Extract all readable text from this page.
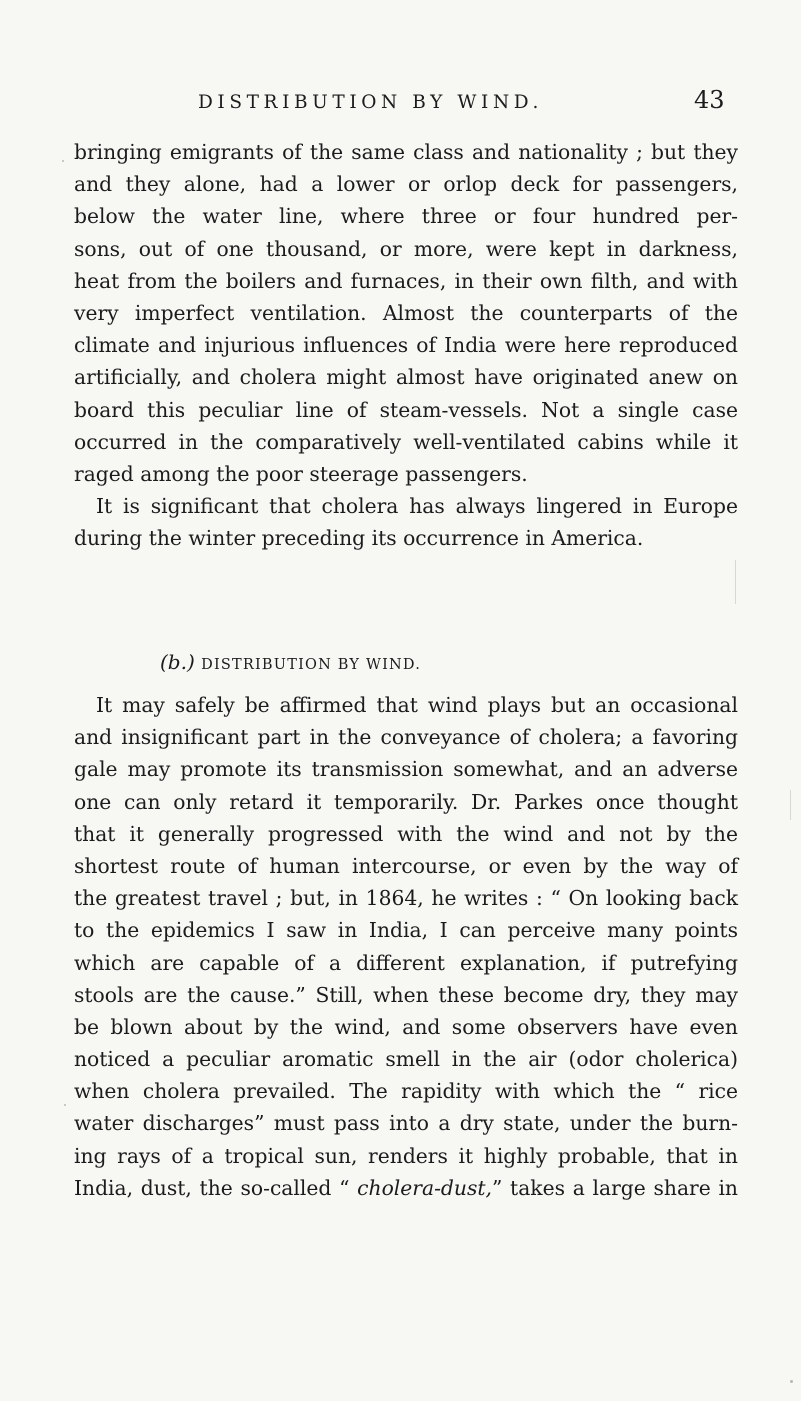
DISTRIBUTION BY WIND.	43
bringing emigrants of the same class and nationality ; but they
and they alone, had a lower or orlop deck for passengers,
below the water line, where three or four hundred per-
sons, out of one thousand, or more, were kept in darkness,
heat from the boilers and furnaces, in their own filth, and with
very imperfect ventilation. Almost the counterparts of the
climate and injurious influences of India were here reproduced
artificially, and cholera might almost have originated anew on
board this peculiar line of steam-vessels. Not a single case
occurred in the comparatively well-ventilated cabins while it
raged among the poor steerage passengers.
It is significant that cholera has always lingered in Europe
during the winter preceding its occurrence in America.
(b.) DISTRIBUTION BY WIND.
It may safely be affirmed that wind plays but an occasional
and insignificant part in the conveyance of cholera; a favoring
gale may promote its transmission somewhat, and an adverse
one can only retard it temporarily. Dr. Parkes once thought
that it generally progressed with the wind and not by the
shortest route of human intercourse, or even by the way of
the greatest travel ; but, in 1864, he writes : “ On looking back
to the epidemics I saw in India, I can perceive many points
which are capable of a different explanation, if putrefying
stools are the cause.” Still, when these become dry, they may
be blown about by the wind, and some observers have even
noticed a peculiar aromatic smell in the air (odor cholerica)
when cholera prevailed. The rapidity with which the “ rice
water discharges” must pass into a dry state, under the burn-
ing rays of a tropical sun, renders it highly probable, that in
India, dust, the so-called “ cholera-dust,” takes a large share in
